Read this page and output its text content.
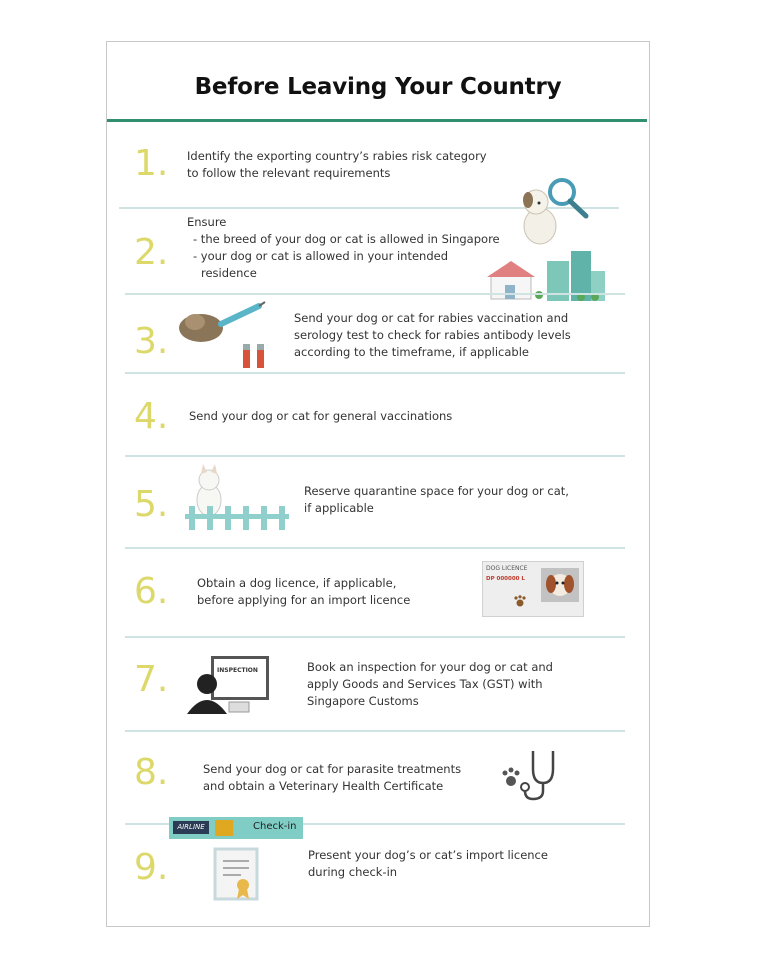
Before Leaving Your Country
1. Identify the exporting country’s rabies risk category
to follow the relevant requirements
2.
Ensure
- the breed of your dog or cat is allowed in Singapore
- your dog or cat is allowed in your intended
residence
3.
Send your dog or cat for rabies vaccination and
serology test to check for rabies antibody levels
according to the timeframe, if applicable
4. Send your dog or cat for general vaccinations
5.	Reserve quarantine space for your dog or cat,
if applicable
6. Obtain a dog licence, if applicable,
before applying for an import licence
DOG LICENCE
DP 000000 L
7.	INSPECTION	Book an inspection for your dog or cat and
apply Goods and Services Tax (GST) with
Singapore Customs
8.	Send your dog or cat for parasite treatments
and obtain a Veterinary Health Certificate
AIRLINE	Check-in
9.	Present your dog’s or cat’s import licence
during check-in
